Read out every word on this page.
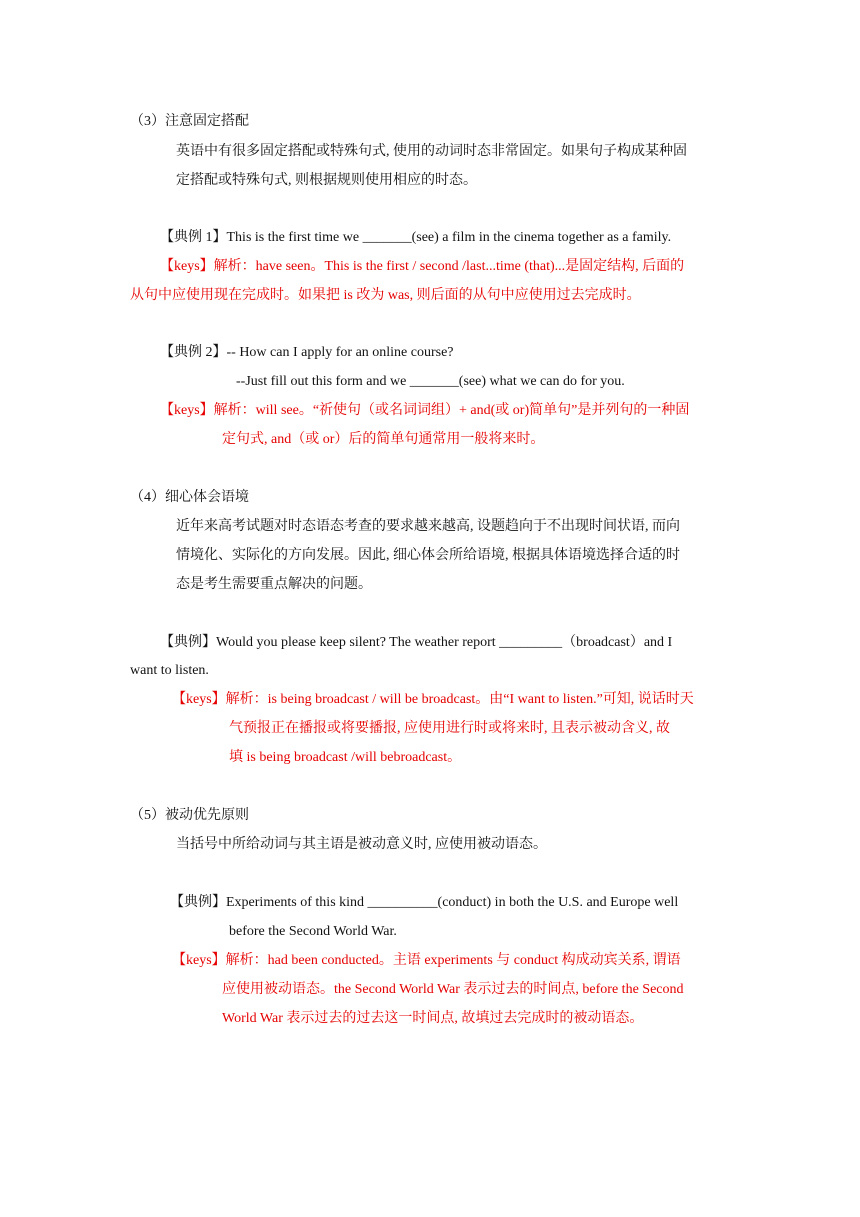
（3）注意固定搭配
英语中有很多固定搭配或特殊句式, 使用的动词时态非常固定。如果句子构成某种固
定搭配或特殊句式, 则根据规则使用相应的时态。
【典例 1】This is the first time we _______(see) a film in the cinema together as a family.
【keys】解析：have seen。This is the first / second /last...time (that)...是固定结构, 后面的
从句中应使用现在完成时。如果把 is 改为 was, 则后面的从句中应使用过去完成时。
【典例 2】-- How can I apply for an online course?
--Just fill out this form and we _______(see) what we can do for you.
【keys】解析：will see。“祈使句（或名词词组）+ and(或 or)简单句”是并列句的一种固
定句式, and（或 or）后的简单句通常用一般将来时。
（4）细心体会语境
近年来高考试题对时态语态考查的要求越来越高, 设题趋向于不出现时间状语, 而向
情境化、实际化的方向发展。因此, 细心体会所给语境, 根据具体语境选择合适的时
态是考生需要重点解决的问题。
【典例】Would you please keep silent? The weather report _________（broadcast）and I
want to listen.
【keys】解析：is being broadcast / will be broadcast。由“I want to listen.”可知, 说话时天
气预报正在播报或将要播报, 应使用进行时或将来时, 且表示被动含义, 故
填 is being broadcast /will bebroadcast。
（5）被动优先原则
当括号中所给动词与其主语是被动意义时, 应使用被动语态。
【典例】Experiments of this kind __________(conduct) in both the U.S. and Europe well
before the Second World War.
【keys】解析：had been conducted。主语 experiments 与 conduct 构成动宾关系, 谓语
应使用被动语态。the Second World War 表示过去的时间点, before the Second
World War 表示过去的过去这一时间点, 故填过去完成时的被动语态。
